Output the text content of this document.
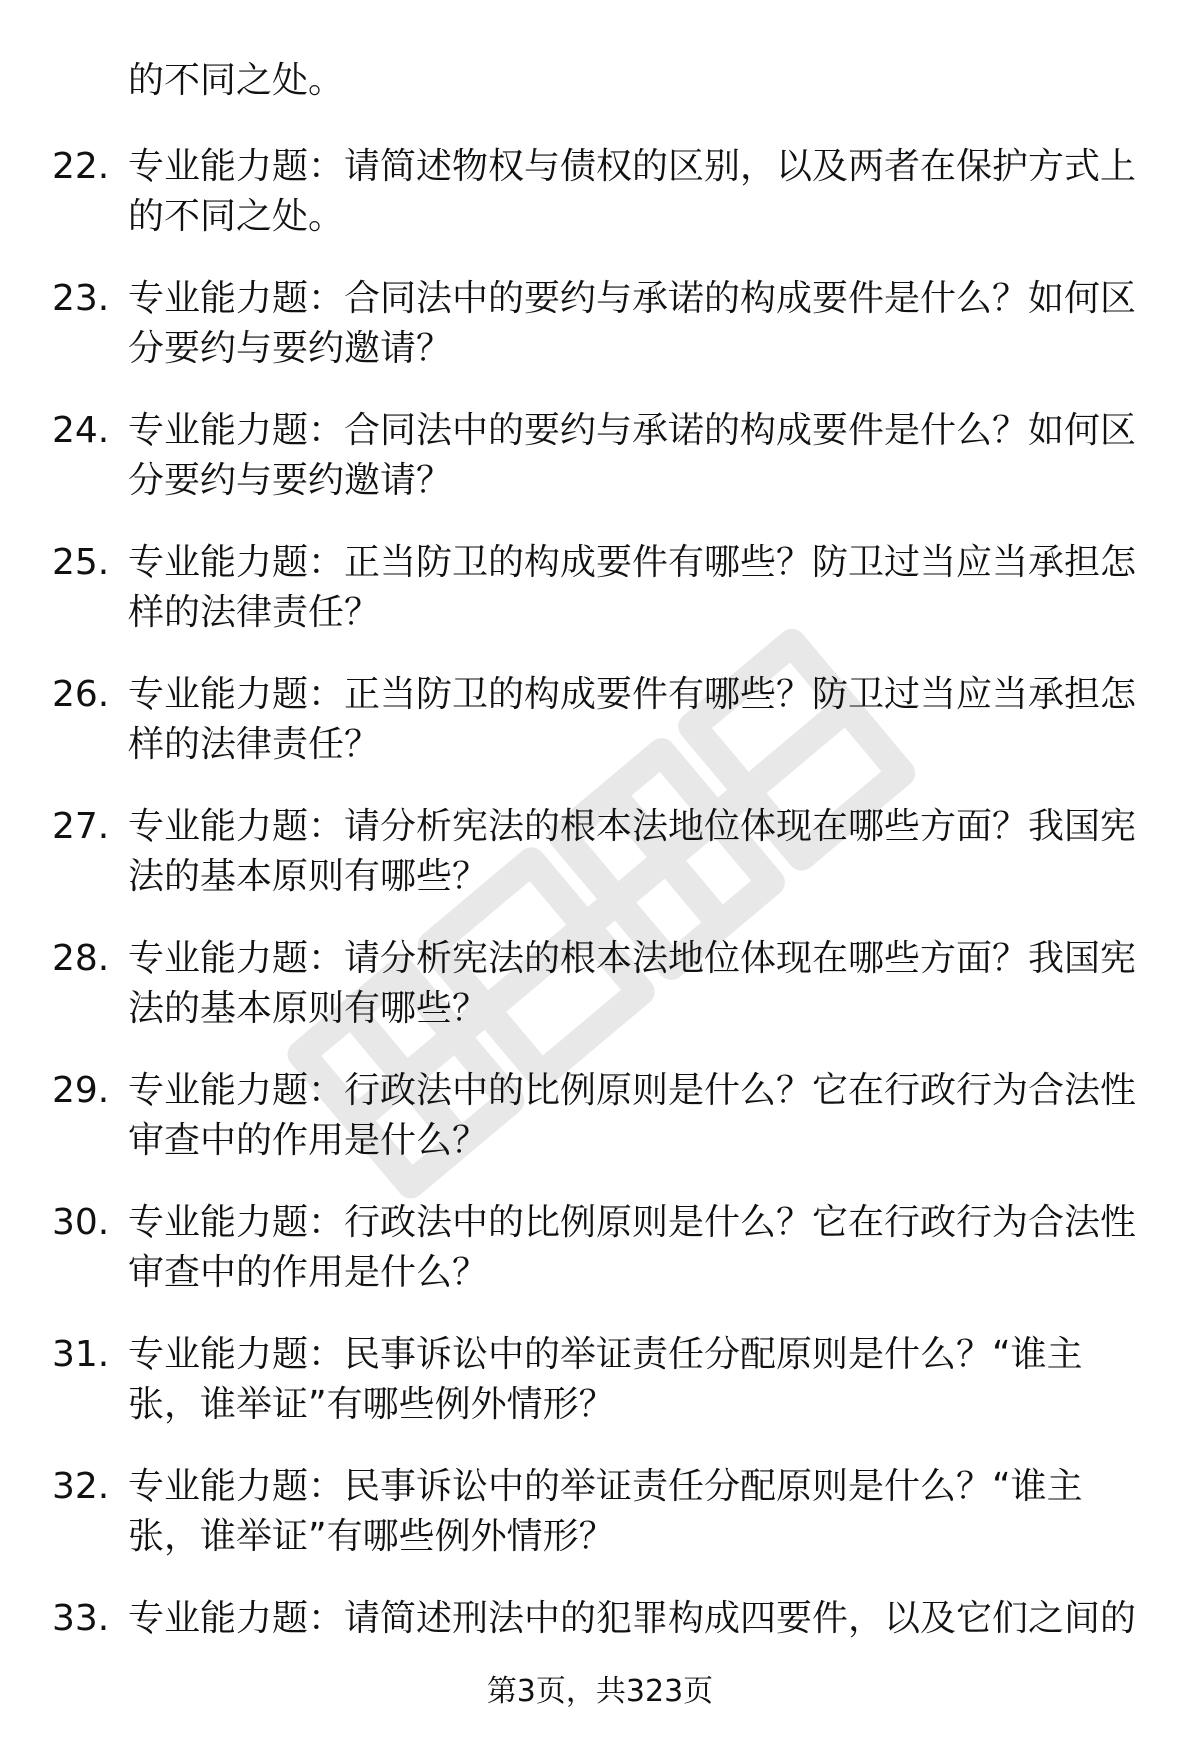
的不同之处。

22. 专业能力题：请简述物权与债权的区别，以及两者在保护方式上的不同之处。
23. 专业能力题：合同法中的要约与承诺的构成要件是什么？如何区分要约与要约邀请？
24. 专业能力题：合同法中的要约与承诺的构成要件是什么？如何区分要约与要约邀请？
25. 专业能力题：正当防卫的构成要件有哪些？防卫过当应当承担怎样的法律责任？
26. 专业能力题：正当防卫的构成要件有哪些？防卫过当应当承担怎样的法律责任？
27. 专业能力题：请分析宪法的根本法地位体现在哪些方面？我国宪法的基本原则有哪些？
28. 专业能力题：请分析宪法的根本法地位体现在哪些方面？我国宪法的基本原则有哪些？
29. 专业能力题：行政法中的比例原则是什么？它在行政行为合法性审查中的作用是什么？
30. 专业能力题：行政法中的比例原则是什么？它在行政行为合法性审查中的作用是什么？
31. 专业能力题：民事诉讼中的举证责任分配原则是什么？“谁主张，谁举证”有哪些例外情形？
32. 专业能力题：民事诉讼中的举证责任分配原则是什么？“谁主张，谁举证”有哪些例外情形？
33. 专业能力题：请简述刑法中的犯罪构成四要件，以及它们之间的
第3页，共323页
